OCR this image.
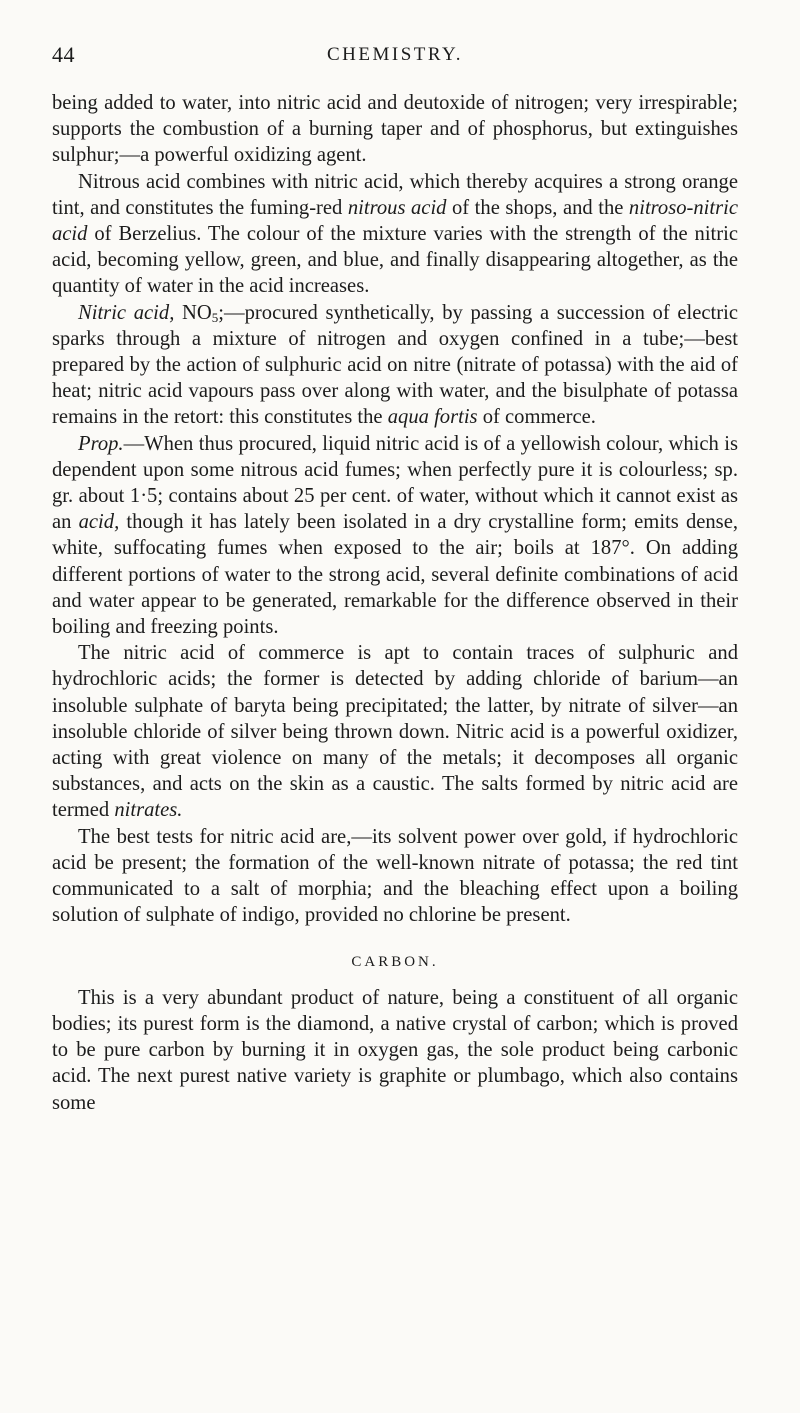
44	CHEMISTRY.

being added to water, into nitric acid and deutoxide of nitrogen; very irrespirable; supports the combustion of a burning taper and of phosphorus, but extinguishes sulphur;—a powerful oxidizing agent.

Nitrous acid combines with nitric acid, which thereby acquires a strong orange tint, and constitutes the fuming-red nitrous acid of the shops, and the nitroso-nitric acid of Berzelius. The colour of the mixture varies with the strength of the nitric acid, becoming yellow, green, and blue, and finally disappearing altogether, as the quantity of water in the acid increases.

Nitric acid, $NO_5;—procured$ synthetically, by passing a succession of electric sparks through a mixture of nitrogen and oxygen confined in a tube;—best prepared by the action of sulphuric acid on nitre (nitrate of potassa) with the aid of heat; nitric acid vapours pass over along with water, and the bisulphate of potassa remains in the retort: this constitutes the aqua fortis of commerce.

Prop.—When thus procured, liquid nitric acid is of a yellowish colour, which is dependent upon some nitrous acid fumes; when perfectly pure it is colourless; sp. gr. about 1·5; contains about 25 per cent. of water, without which it cannot exist as an acid, though it has lately been isolated in a dry crystalline form; emits dense, white, suffocating fumes when exposed to the air; boils at 187°. On adding different portions of water to the strong acid, several definite combinations of acid and water appear to be generated, remarkable for the difference observed in their boiling and freezing points.

The nitric acid of commerce is apt to contain traces of sulphuric and hydrochloric acids; the former is detected by adding chloride of barium—an insoluble sulphate of baryta being precipitated; the latter, by nitrate of silver—an insoluble chloride of silver being thrown down. Nitric acid is a powerful oxidizer, acting with great violence on many of the metals; it decomposes all organic substances, and acts on the skin as a caustic. The salts formed by nitric acid are termed nitrates.

The best tests for nitric acid are,—its solvent power over gold, if hydrochloric acid be present; the formation of the well-known nitrate of potassa; the red tint communicated to a salt of morphia; and the bleaching effect upon a boiling solution of sulphate of indigo, provided no chlorine be present.

CARBON.

This is a very abundant product of nature, being a constituent of all organic bodies; its purest form is the diamond, a native crystal of carbon; which is proved to be pure carbon by burning it in oxygen gas, the sole product being carbonic acid. The next purest native variety is graphite or plumbago, which also contains some
